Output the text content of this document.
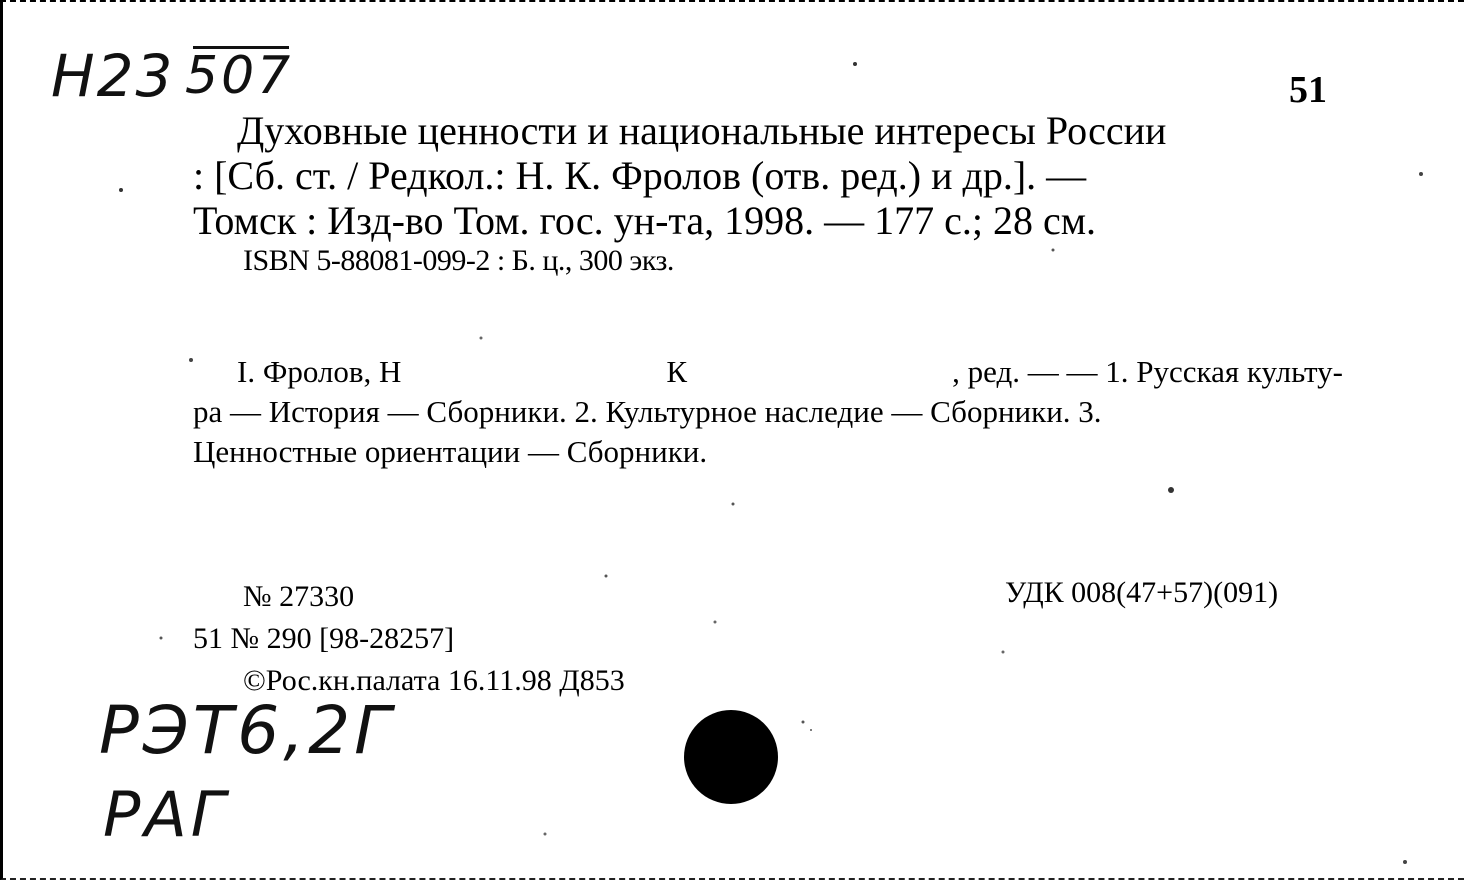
Н23 507	51
Духовные ценности и национальные интересы России
: [Сб. ст. / Редкол.: Н. К. Фролов (отв. ред.) и др.]. —
Томск : Изд-во Том. гос. ун-та, 1998. — 177 с.; 28 см.
ISBN 5-88081-099-2 : Б. ц., 300 экз.
I. Фролов, Н	К	, ред. — — 1. Русская культу-
ра — История — Сборники. 2. Культурное наследие — Сборники. 3.
Ценностные ориентации — Сборники.
№ 27330
51 № 290 [98-28257]
©Рос.кн.палата 16.11.98 Д853
УДК 008(47+57)(091)
РЭТ6,2Г
РАГ
